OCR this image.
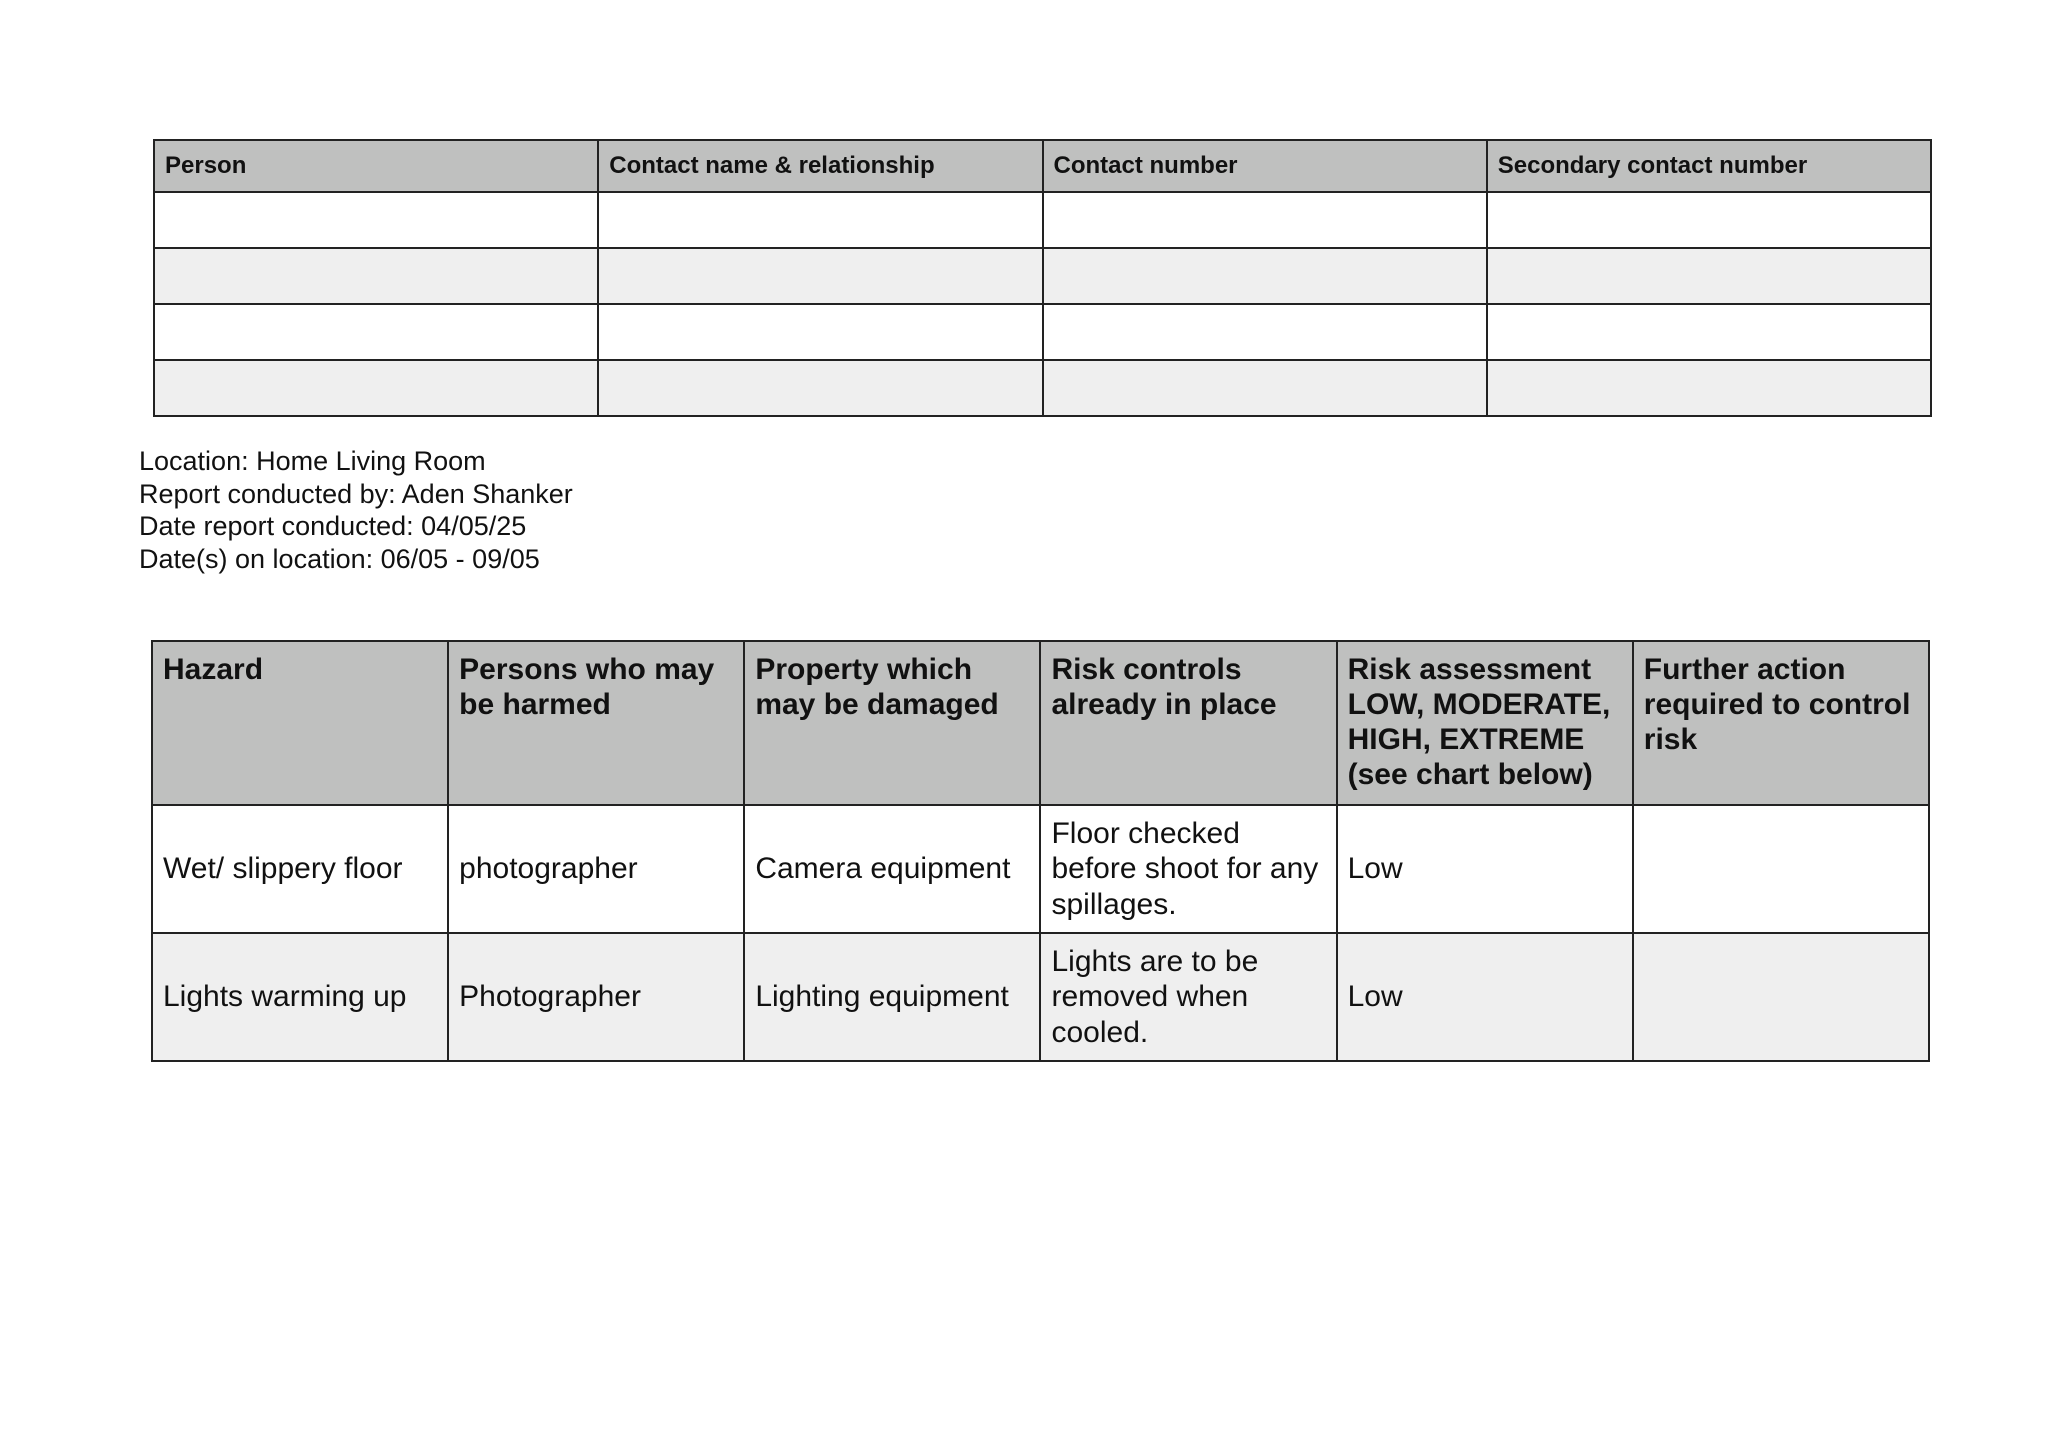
Person	Contact name & relationship	Contact number	Secondary contact number

Location: Home Living Room
Report conducted by: Aden Shanker
Date report conducted: 04/05/25
Date(s) on location: 06/05 - 09/05
Hazard	Persons who may be harmed	Property which may be damaged	Risk controls already in place	Risk assessment LOW, MODERATE, HIGH, EXTREME (see chart below)	Further action required to control risk
Wet/ slippery floor	photographer	Camera equipment	Floor checked before shoot for any spillages.	Low	
Lights warming up	Photographer	Lighting equipment	Lights are to be removed when cooled.	Low	
